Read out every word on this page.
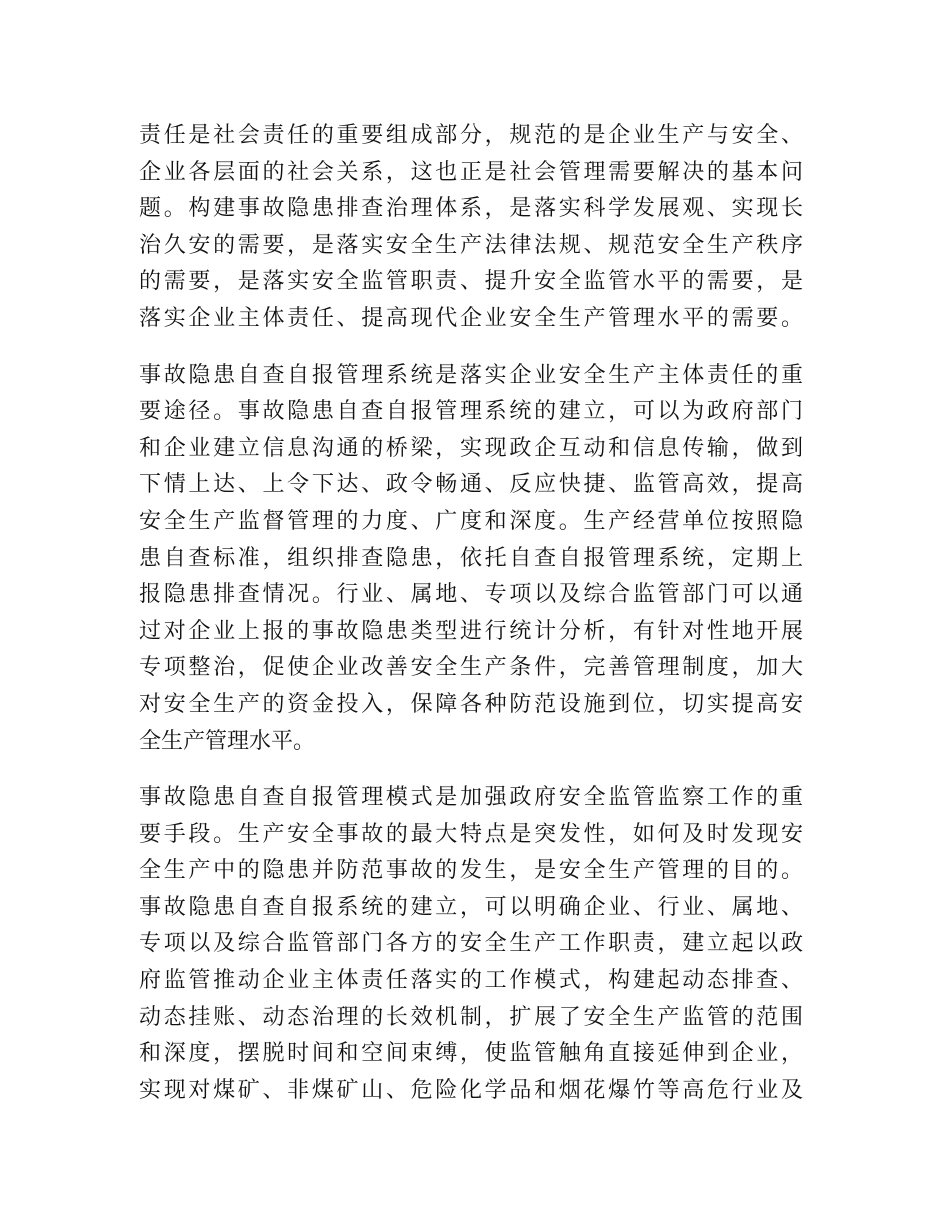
责任是社会责任的重要组成部分，规范的是企业生产与安全、
企业各层面的社会关系，这也正是社会管理需要解决的基本问
题。构建事故隐患排查治理体系，是落实科学发展观、实现长
治久安的需要，是落实安全生产法律法规、规范安全生产秩序
的需要，是落实安全监管职责、提升安全监管水平的需要，是
落实企业主体责任、提高现代企业安全生产管理水平的需要。

事故隐患自查自报管理系统是落实企业安全生产主体责任的重
要途径。事故隐患自查自报管理系统的建立，可以为政府部门
和企业建立信息沟通的桥梁，实现政企互动和信息传输，做到
下情上达、上令下达、政令畅通、反应快捷、监管高效，提高
安全生产监督管理的力度、广度和深度。生产经营单位按照隐
患自查标准，组织排查隐患，依托自查自报管理系统，定期上
报隐患排查情况。行业、属地、专项以及综合监管部门可以通
过对企业上报的事故隐患类型进行统计分析，有针对性地开展
专项整治，促使企业改善安全生产条件，完善管理制度，加大
对安全生产的资金投入，保障各种防范设施到位，切实提高安
全生产管理水平。

事故隐患自查自报管理模式是加强政府安全监管监察工作的重
要手段。生产安全事故的最大特点是突发性，如何及时发现安
全生产中的隐患并防范事故的发生，是安全生产管理的目的。
事故隐患自查自报系统的建立，可以明确企业、行业、属地、
专项以及综合监管部门各方的安全生产工作职责，建立起以政
府监管推动企业主体责任落实的工作模式，构建起动态排查、
动态挂账、动态治理的长效机制，扩展了安全生产监管的范围
和深度，摆脱时间和空间束缚，使监管触角直接延伸到企业，
实现对煤矿、非煤矿山、危险化学品和烟花爆竹等高危行业及
